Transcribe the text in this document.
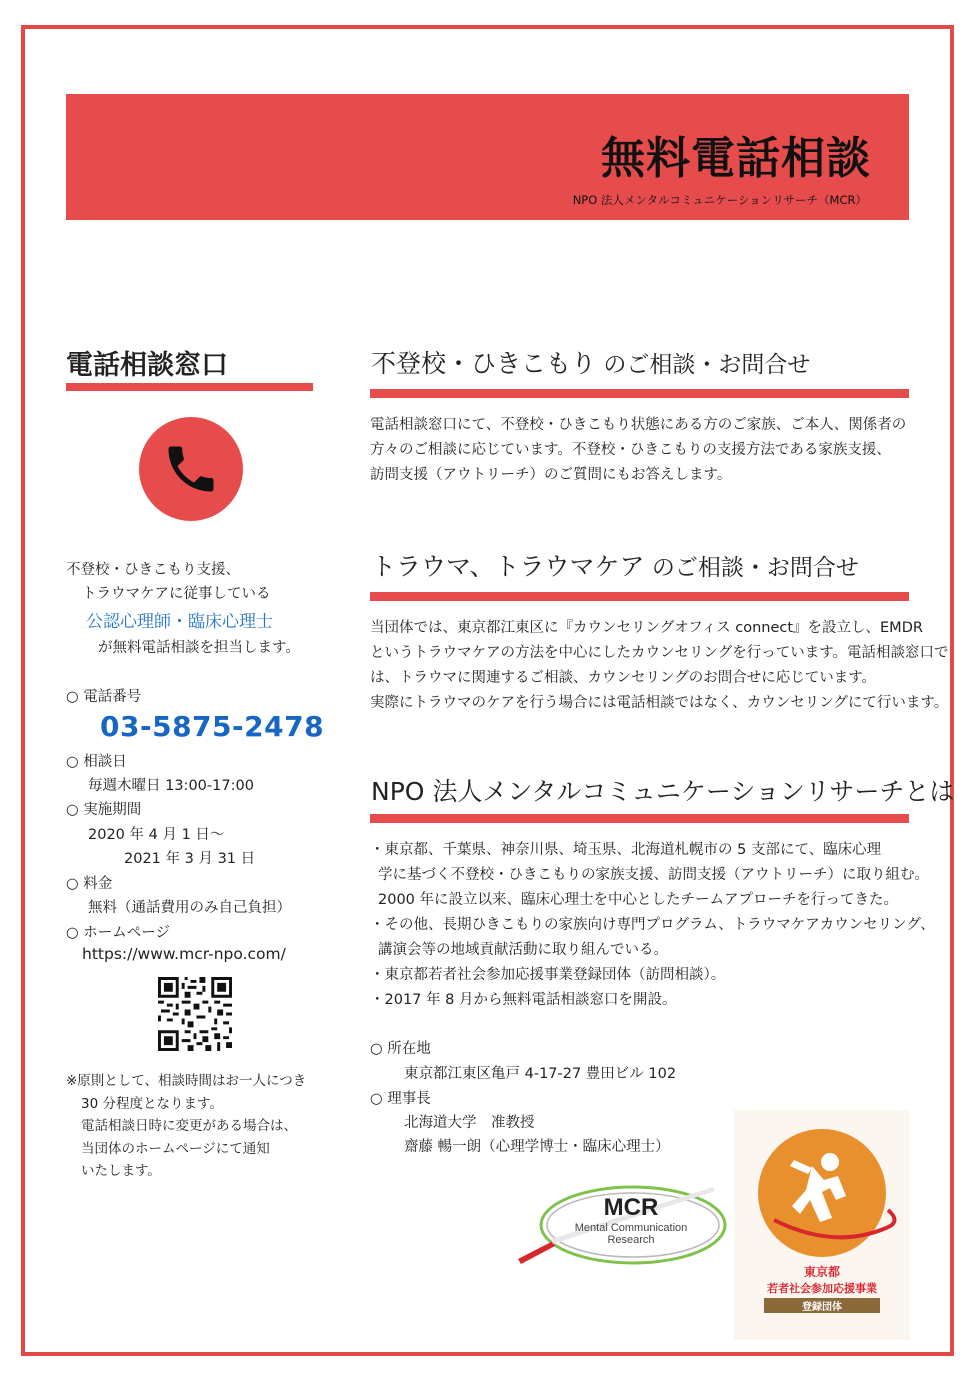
無料電話相談
NPO 法人メンタルコミュニケーションリサーチ（MCR）
電話相談窓口
不登校・ひきこもり支援、
トラウマケアに従事している
公認心理師・臨床心理士
が無料電話相談を担当します。
○ 電話番号
03-5875-2478
○ 相談日
毎週木曜日 13:00-17:00
○ 実施期間
2020 年 4 月 1 日～
2021 年 3 月 31 日
○ 料金
無料（通話費用のみ自己負担）
○ ホームページ
https://www.mcr-npo.com/
※原則として、相談時間はお一人につき
30 分程度となります。
電話相談日時に変更がある場合は、
当団体のホームページにて通知
いたします。
不登校・ひきこもり のご相談・お問合せ

電話相談窓口にて、不登校・ひきこもり状態にある方のご家族、ご本人、関係者の

方々のご相談に応じています。不登校・ひきこもりの支援方法である家族支援、

訪問支援（アウトリーチ）のご質問にもお答えします。

トラウマ、トラウマケア のご相談・お問合せ

当団体では、東京都江東区に『カウンセリングオフィス connect』を設立し、EMDR

というトラウマケアの方法を中心にしたカウンセリングを行っています。電話相談窓口で

は、トラウマに関連するご相談、カウンセリングのお問合せに応じています。

実際にトラウマのケアを行う場合には電話相談ではなく、カウンセリングにて行います。

NPO 法人メンタルコミュニケーションリサーチとは

・東京都、千葉県、神奈川県、埼玉県、北海道札幌市の 5 支部にて、臨床心理

学に基づく不登校・ひきこもりの家族支援、訪問支援（アウトリーチ）に取り組む。

2000 年に設立以来、臨床心理士を中心としたチームアプローチを行ってきた。

・その他、長期ひきこもりの家族向け専門プログラム、トラウマケアカウンセリング、

講演会等の地域貢献活動に取り組んでいる。

・東京都若者社会参加応援事業登録団体（訪問相談）。

・2017 年 8 月から無料電話相談窓口を開設。

○ 所在地
東京都江東区亀戸 4-17-27 豊田ビル 102
○ 理事長
北海道大学　准教授
齋藤 暢一朗（心理学博士・臨床心理士）
MCR
Mental Communication
Research
東京都
若者社会参加応援事業
登録団体
